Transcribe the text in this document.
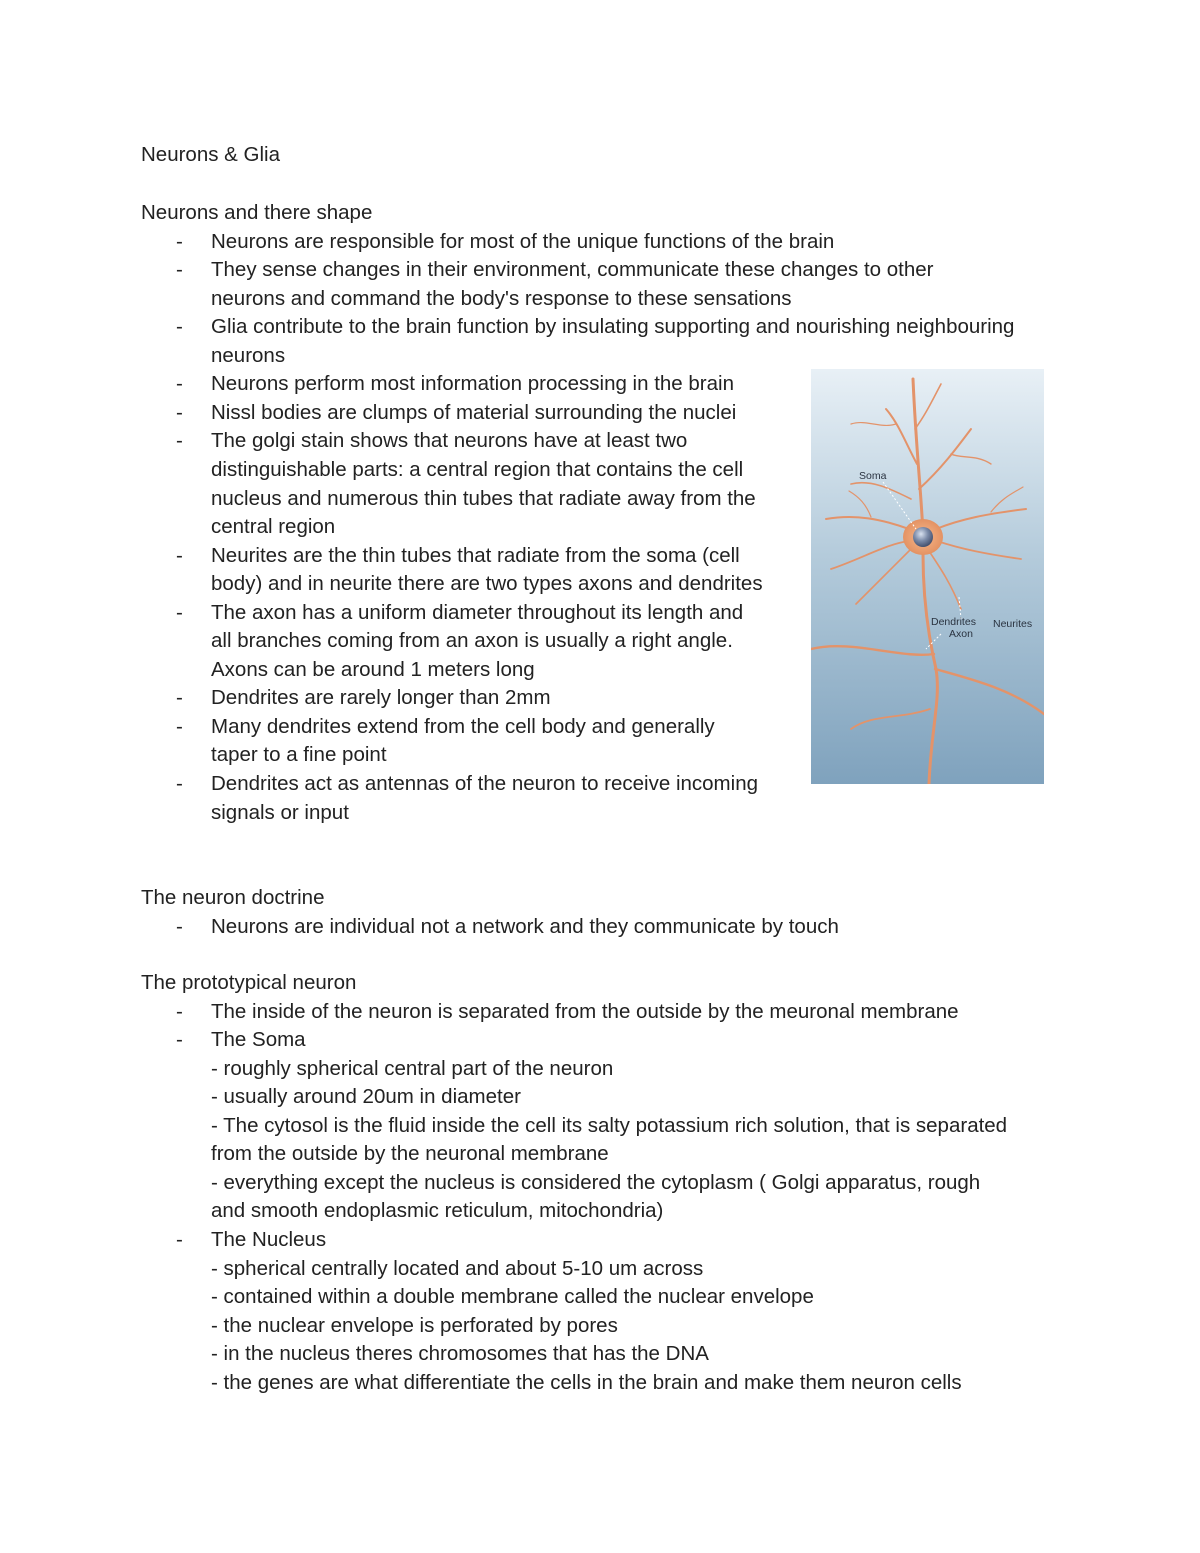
Neurons & Glia
Neurons and there shape
- Neurons are responsible for most of the unique functions of the brain
- They sense changes in their environment, communicate these changes to other
neurons and command the body's response to these sensations
- Glia contribute to the brain function by insulating supporting and nourishing neighbouring
neurons
- Neurons perform most information processing in the brain
- Nissl bodies are clumps of material surrounding the nuclei
- The golgi stain shows that neurons have at least two
distinguishable parts: a central region that contains the cell
nucleus and numerous thin tubes that radiate away from the
central region
- Neurites are the thin tubes that radiate from the soma (cell
body) and in neurite there are two types axons and dendrites
- The axon has a uniform diameter throughout its length and
all branches coming from an axon is usually a right angle.
Axons can be around 1 meters long
- Dendrites are rarely longer than 2mm
- Many dendrites extend from the cell body and generally
taper to a fine point
- Dendrites act as antennas of the neuron to receive incoming
signals or input
The neuron doctrine
- Neurons are individual not a network and they communicate by touch
The prototypical neuron
- The inside of the neuron is separated from the outside by the meuronal membrane
- The Soma
- roughly spherical central part of the neuron
- usually around 20um in diameter
- The cytosol is the fluid inside the cell its salty potassium rich solution, that is separated
from the outside by the neuronal membrane
- everything except the nucleus is considered the cytoplasm ( Golgi apparatus, rough
and smooth endoplasmic reticulum, mitochondria)
- The Nucleus
- spherical centrally located and about 5-10 um across
- contained within a double membrane called the nuclear envelope
- the nuclear envelope is perforated by pores
- in the nucleus theres chromosomes that has the DNA
- the genes are what differentiate the cells in the brain and make them neuron cells
Soma
Dendrites
Axon
Neurites
